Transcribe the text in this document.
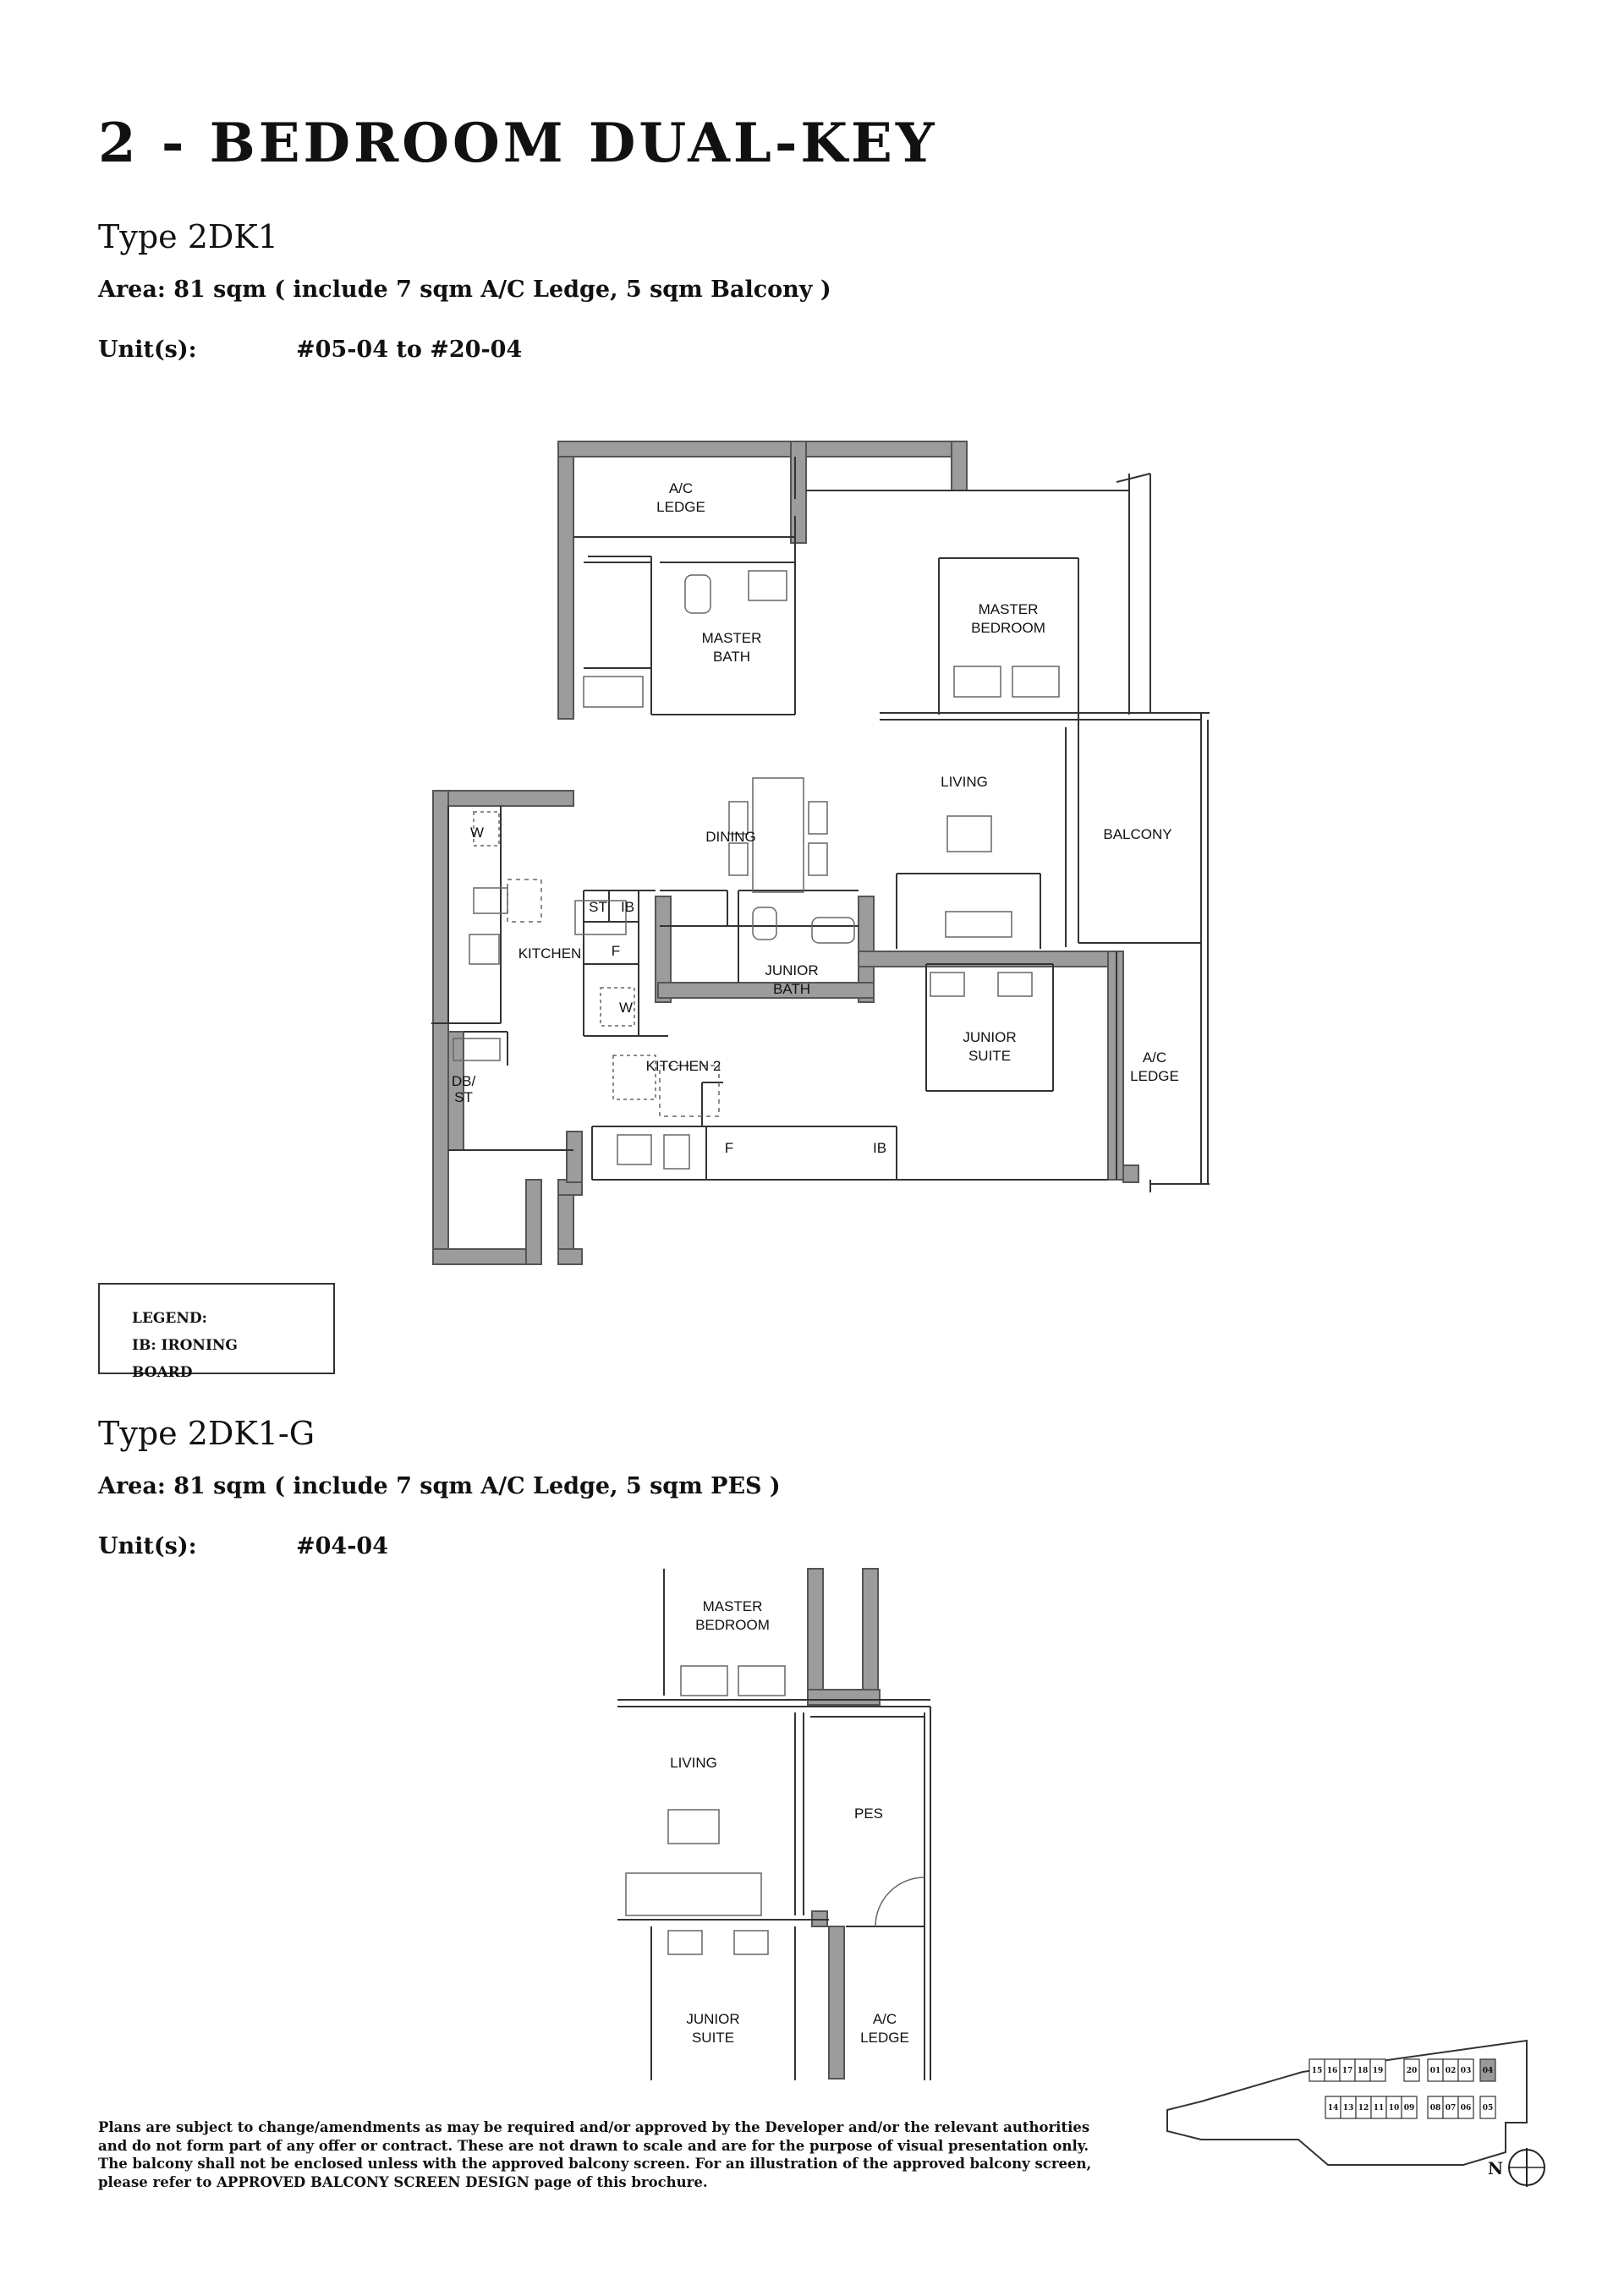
2 - BEDROOM DUAL-KEY
Type 2DK1
Area: 81 sqm ( include 7 sqm A/C Ledge, 5 sqm Balcony )
Unit(s):	#05-04 to #20-04
A/C
LEDGE
MASTER
BATH
MASTER
BEDROOM
LIVING
BALCONY
DINING
KITCHEN
ST IB
F
W
W
JUNIOR
BATH
JUNIOR
SUITE	A/C
LEDGE
KITCHEN 2
F	IB
DB/
ST
LEGEND:
IB: IRONING BOARD
Type 2DK1-G
Area: 81 sqm ( include 7 sqm A/C Ledge, 5 sqm PES )
Unit(s):	#04-04
MASTER
BEDROOM
LIVING
PES
JUNIOR
SUITE
A/C
LEDGE
Plans are subject to change/amendments as may be required and/or approved by the Developer and/or the relevant authorities
and do not form part of any offer or contract. These are not drawn to scale and are for the purpose of visual presentation only.
The balcony shall not be enclosed unless with the approved balcony screen. For an illustration of the approved balcony screen,
please refer to APPROVED BALCONY SCREEN DESIGN page of this brochure.
15 16 17 18 19	20 01 02 03 04
14 13 12 11 10 09 08 07 06 05
N
